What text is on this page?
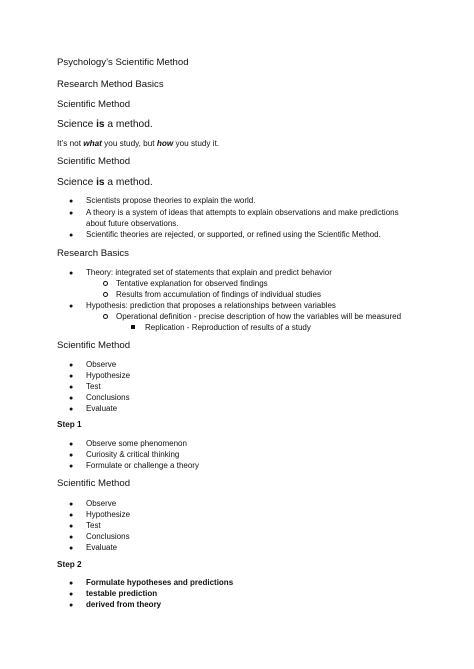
Psychology’s Scientific Method
Research Method Basics
Scientific Method
Science is a method.
It’s not what you study, but how you study it.
Scientific Method
Science is a method.
● Scientists propose theories to explain the world.
● A theory is a system of ideas that attempts to explain observations and make predictions
about future observations.
● Scientific theories are rejected, or supported, or refined using the Scientific Method.
Research Basics
● Theory: integrated set of statements that explain and predict behavior
Tentative explanation for observed findings
Results from accumulation of findings of individual studies
● Hypothesis: prediction that proposes a relationships between variables
Operational definition - precise description of how the variables will be measured
Replication - Reproduction of results of a study
Scientific Method
● Observe
● Hypothesize
● Test
● Conclusions
● Evaluate
Step 1
● Observe some phenomenon
● Curiosity & critical thinking
● Formulate or challenge a theory
Scientific Method
● Observe
● Hypothesize
● Test
● Conclusions
● Evaluate
Step 2
● Formulate hypotheses and predictions
● testable prediction
● derived from theory
